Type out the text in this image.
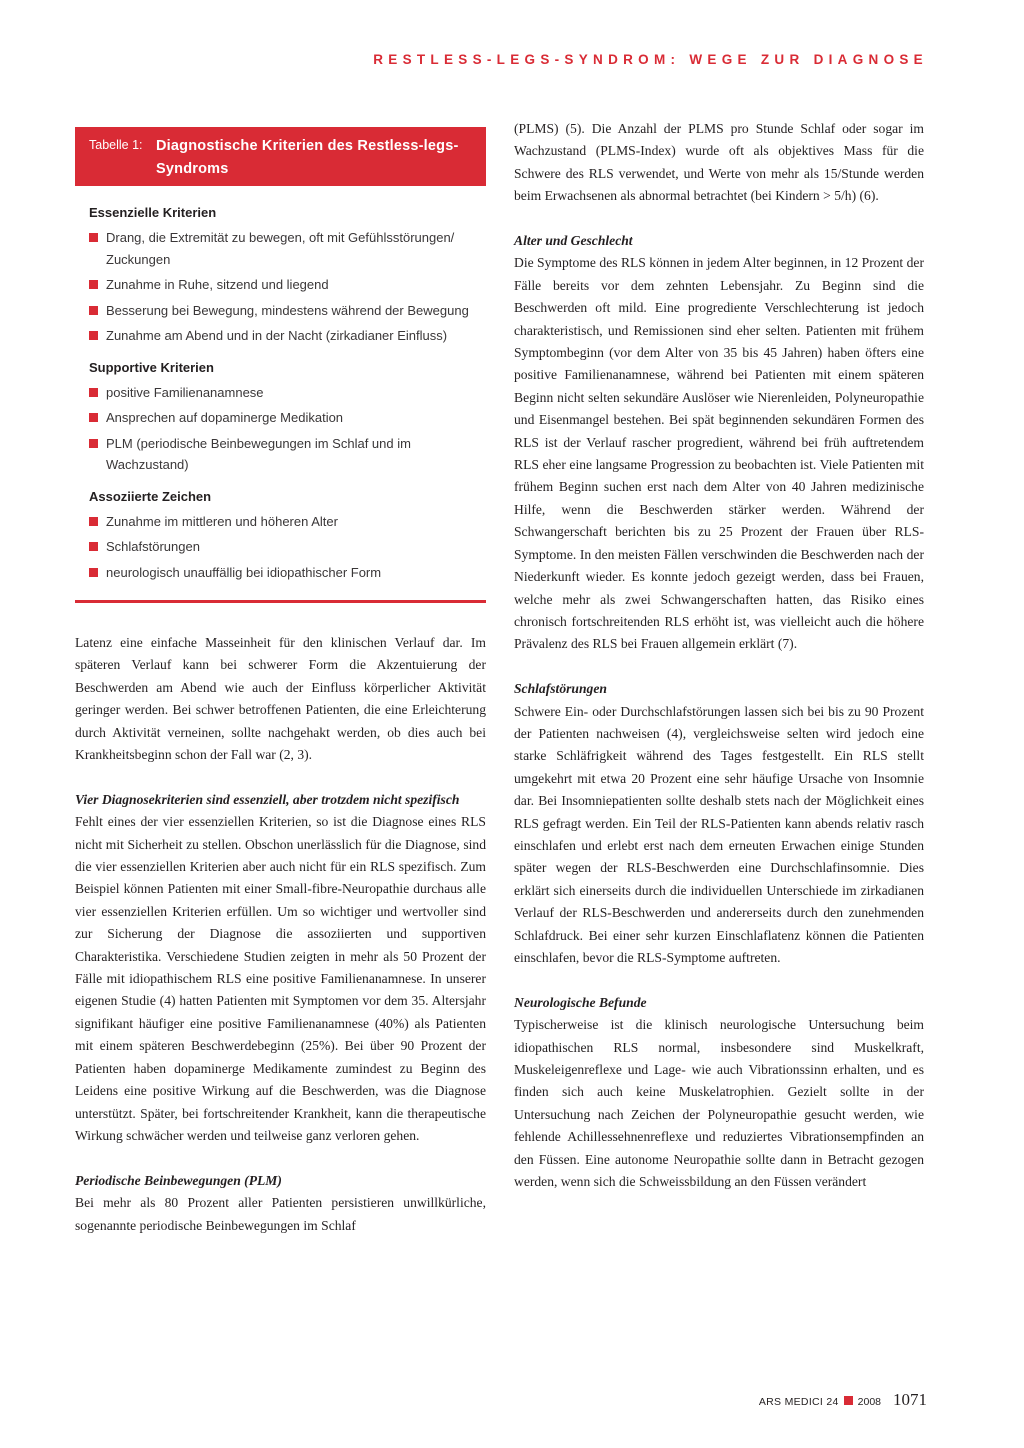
RESTLESS-LEGS-SYNDROM: WEGE ZUR DIAGNOSE
Tabelle 1: Diagnostische Kriterien des Restless-legs-Syndroms
Essenzielle Kriterien
Drang, die Extremität zu bewegen, oft mit Gefühlsstörungen/ Zuckungen
Zunahme in Ruhe, sitzend und liegend
Besserung bei Bewegung, mindestens während der Bewegung
Zunahme am Abend und in der Nacht (zirkadianer Einfluss)
Supportive Kriterien
positive Familienanamnese
Ansprechen auf dopaminerge Medikation
PLM (periodische Beinbewegungen im Schlaf und im Wachzustand)
Assoziierte Zeichen
Zunahme im mittleren und höheren Alter
Schlafstörungen
neurologisch unauffällig bei idiopathischer Form

Latenz eine einfache Masseinheit für den klinischen Verlauf dar. Im späteren Verlauf kann bei schwerer Form die Akzentuierung der Beschwerden am Abend wie auch der Einfluss körperlicher Aktivität geringer werden. Bei schwer betroffenen Patienten, die eine Erleichterung durch Aktivität verneinen, sollte nachgehakt werden, ob dies auch bei Krankheitsbeginn schon der Fall war (2, 3).

Vier Diagnosekriterien sind essenziell, aber trotzdem nicht spezifisch

Fehlt eines der vier essenziellen Kriterien, so ist die Diagnose eines RLS nicht mit Sicherheit zu stellen. Obschon unerlässlich für die Diagnose, sind die vier essenziellen Kriterien aber auch nicht für ein RLS spezifisch. Zum Beispiel können Patienten mit einer Small-fibre-Neuropathie durchaus alle vier essenziellen Kriterien erfüllen. Um so wichtiger und wertvoller sind zur Sicherung der Diagnose die assoziierten und supportiven Charakteristika. Verschiedene Studien zeigten in mehr als 50 Prozent der Fälle mit idiopathischem RLS eine positive Familienanamnese. In unserer eigenen Studie (4) hatten Patienten mit Symptomen vor dem 35. Altersjahr signifikant häufiger eine positive Familienanamnese (40%) als Patienten mit einem späteren Beschwerdebeginn (25%). Bei über 90 Prozent der Patienten haben dopaminerge Medikamente zumindest zu Beginn des Leidens eine positive Wirkung auf die Beschwerden, was die Diagnose unterstützt. Später, bei fortschreitender Krankheit, kann die therapeutische Wirkung schwächer werden und teilweise ganz verloren gehen.

Periodische Beinbewegungen (PLM)

Bei mehr als 80 Prozent aller Patienten persistieren unwillkürliche, sogenannte periodische Beinbewegungen im Schlaf

(PLMS) (5). Die Anzahl der PLMS pro Stunde Schlaf oder sogar im Wachzustand (PLMS-Index) wurde oft als objektives Mass für die Schwere des RLS verwendet, und Werte von mehr als 15/Stunde werden beim Erwachsenen als abnormal betrachtet (bei Kindern > 5/h) (6).

Alter und Geschlecht

Die Symptome des RLS können in jedem Alter beginnen, in 12 Prozent der Fälle bereits vor dem zehnten Lebensjahr. Zu Beginn sind die Beschwerden oft mild. Eine progrediente Verschlechterung ist jedoch charakteristisch, und Remissionen sind eher selten. Patienten mit frühem Symptombeginn (vor dem Alter von 35 bis 45 Jahren) haben öfters eine positive Familienanamnese, während bei Patienten mit einem späteren Beginn nicht selten sekundäre Auslöser wie Nierenleiden, Polyneuropathie und Eisenmangel bestehen. Bei spät beginnenden sekundären Formen des RLS ist der Verlauf rascher progredient, während bei früh auftretendem RLS eher eine langsame Progression zu beobachten ist. Viele Patienten mit frühem Beginn suchen erst nach dem Alter von 40 Jahren medizinische Hilfe, wenn die Beschwerden stärker werden. Während der Schwangerschaft berichten bis zu 25 Prozent der Frauen über RLS-Symptome. In den meisten Fällen verschwinden die Beschwerden nach der Niederkunft wieder. Es konnte jedoch gezeigt werden, dass bei Frauen, welche mehr als zwei Schwangerschaften hatten, das Risiko eines chronisch fortschreitenden RLS erhöht ist, was vielleicht auch die höhere Prävalenz des RLS bei Frauen allgemein erklärt (7).

Schlafstörungen

Schwere Ein- oder Durchschlafstörungen lassen sich bei bis zu 90 Prozent der Patienten nachweisen (4), vergleichsweise selten wird jedoch eine starke Schläfrigkeit während des Tages festgestellt. Ein RLS stellt umgekehrt mit etwa 20 Prozent eine sehr häufige Ursache von Insomnie dar. Bei Insomniepatienten sollte deshalb stets nach der Möglichkeit eines RLS gefragt werden. Ein Teil der RLS-Patienten kann abends relativ rasch einschlafen und erlebt erst nach dem erneuten Erwachen einige Stunden später wegen der RLS-Beschwerden eine Durchschlafinsomnie. Dies erklärt sich einerseits durch die individuellen Unterschiede im zirkadianen Verlauf der RLS-Beschwerden und andererseits durch den zunehmenden Schlafdruck. Bei einer sehr kurzen Einschlaflatenz können die Patienten einschlafen, bevor die RLS-Symptome auftreten.

Neurologische Befunde

Typischerweise ist die klinisch neurologische Untersuchung beim idiopathischen RLS normal, insbesondere sind Muskelkraft, Muskeleigenreflexe und Lage- wie auch Vibrationssinn erhalten, und es finden sich auch keine Muskelatrophien. Gezielt sollte in der Untersuchung nach Zeichen der Polyneuropathie gesucht werden, wie fehlende Achillessehnenreflexe und reduziertes Vibrationsempfinden an den Füssen. Eine autonome Neuropathie sollte dann in Betracht gezogen werden, wenn sich die Schweissbildung an den Füssen verändert

ARS MEDICI 24 2008 1071
